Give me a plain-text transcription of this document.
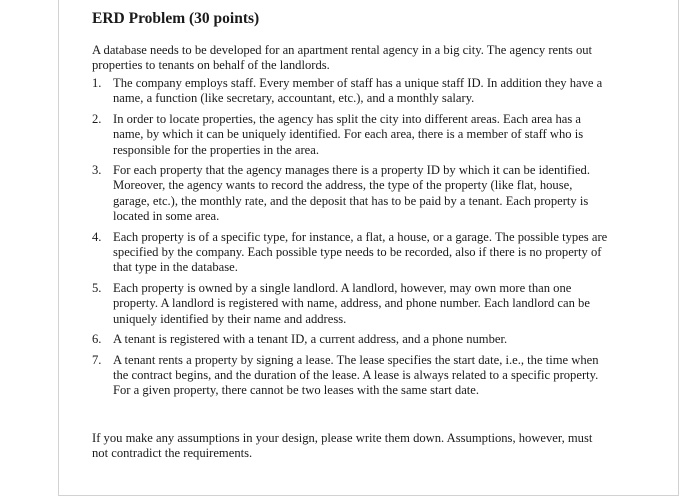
ERD Problem (30 points)

A database needs to be developed for an apartment rental agency in a big city. The agency rents out properties to tenants on behalf of the landlords.

1. The company employs staff. Every member of staff has a unique staff ID. In addition they have a name, a function (like secretary, accountant, etc.), and a monthly salary.
2. In order to locate properties, the agency has split the city into different areas. Each area has a name, by which it can be uniquely identified. For each area, there is a member of staff who is responsible for the properties in the area.
3. For each property that the agency manages there is a property ID by which it can be identified. Moreover, the agency wants to record the address, the type of the property (like flat, house, garage, etc.), the monthly rate, and the deposit that has to be paid by a tenant. Each property is located in some area.
4. Each property is of a specific type, for instance, a flat, a house, or a garage. The possible types are specified by the company. Each possible type needs to be recorded, also if there is no property of that type in the database.
5. Each property is owned by a single landlord. A landlord, however, may own more than one property. A landlord is registered with name, address, and phone number. Each landlord can be uniquely identified by their name and address.
6. A tenant is registered with a tenant ID, a current address, and a phone number.
7. A tenant rents a property by signing a lease. The lease specifies the start date, i.e., the time when the contract begins, and the duration of the lease. A lease is always related to a specific property. For a given property, there cannot be two leases with the same start date.

If you make any assumptions in your design, please write them down. Assumptions, however, must not contradict the requirements.
